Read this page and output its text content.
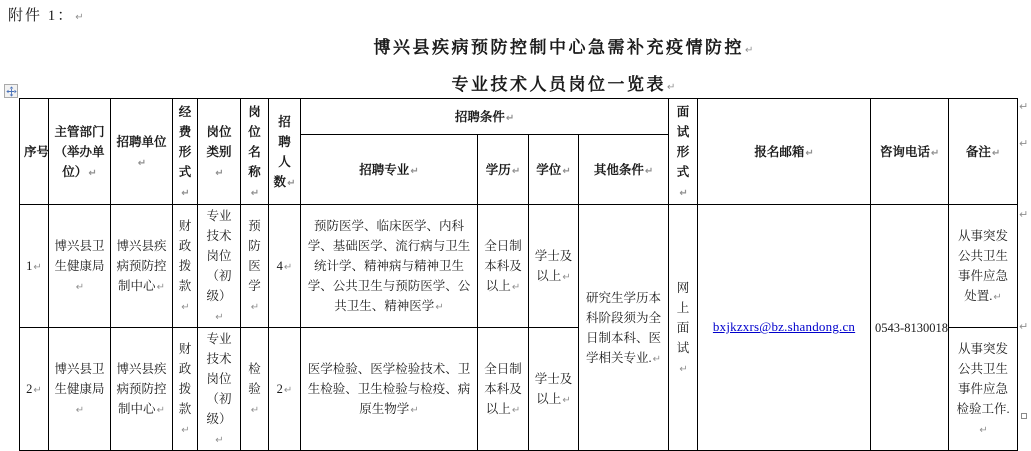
附件 1：↵
博兴县疾病预防控制中心急需补充疫情防控↵
专业技术人员岗位一览表↵
序号	主管部门（举办单位）↵	招聘单位↵	经费形式↵	岗位类别↵	岗位名称↵	招聘人数↵	招聘条件↵				面试形式↵	报名邮箱↵	咨询电话↵	备注↵
							招聘专业↵	学历↵	学位↵	其他条件↵				
1↵	博兴县卫生健康局↵	博兴县疾病预防控制中心↵	财政拨款↵	专业技术岗位（初级）↵	预防医学↵	4↵	预防医学、临床医学、内科学、基础医学、流行病与卫生统计学、精神病与精神卫生学、公共卫生与预防医学、公共卫生、精神医学↵	全日制本科及以上↵	学士及以上↵	研究生学历本科阶段须为全日制本科、医学相关专业.↵	网上面试↵	bxjkzxrs@bz.shandong.cn	0543-8130018	从事突发公共卫生事件应急处置.↵
2↵	博兴县卫生健康局↵	博兴县疾病预防控制中心↵	财政拨款↵	专业技术岗位（初级）↵	检验↵	2↵	医学检验、医学检验技术、卫生检验、卫生检验与检疫、病原生物学↵	全日制本科及以上↵	学士及以上↵					从事突发公共卫生事件应急检验工作.↵
↵
↵
↵
↵
